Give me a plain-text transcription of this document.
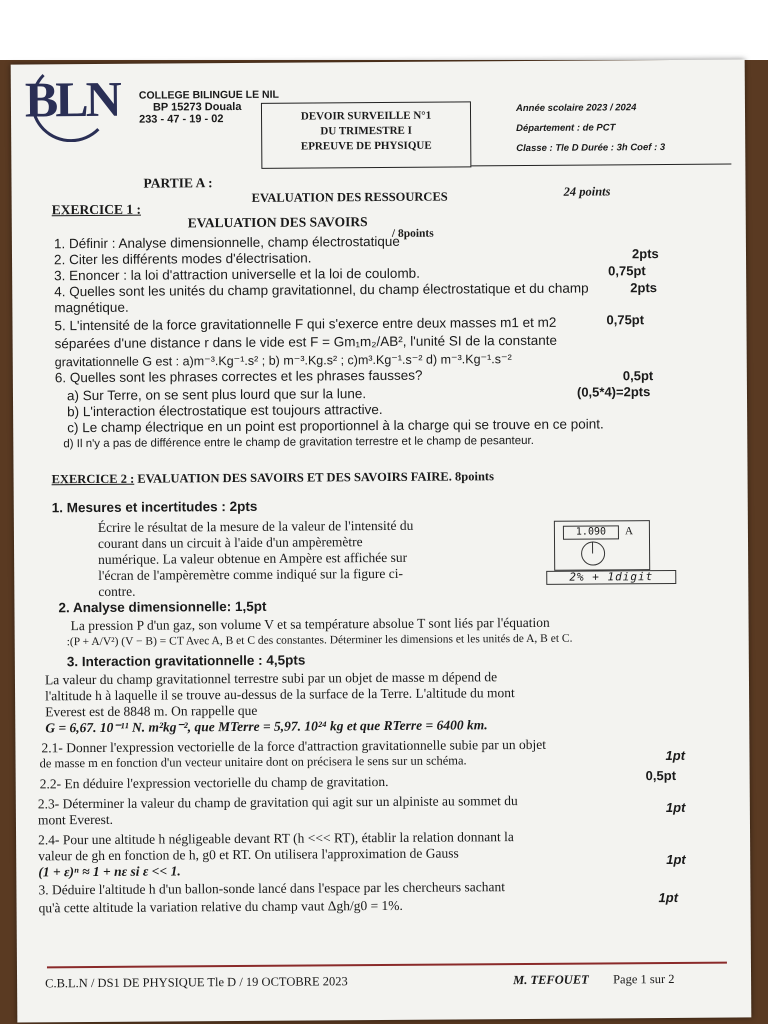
BLN	COLLEGE BILINGUE LE NIL
BP 15273 Douala
233 - 47 - 19 - 02	DEVOIR SURVEILLE N°1
DU TRIMESTRE I
EPREUVE DE PHYSIQUE
Année scolaire 2023 / 2024
Département : de PCT
Classe : Tle D Durée : 3h Coef : 3
PARTIE A :
EVALUATION DES RESSOURCES	24 points
EXERCICE 1 :
EVALUATION DES SAVOIRS
/ 8points
1. Définir : Analyse dimensionnelle, champ électrostatique
2pts
2. Citer les différents modes d'électrisation.
0,75pt
3. Enoncer : la loi d'attraction universelle et la loi de coulomb.
2pts
4. Quelles sont les unités du champ gravitationnel, du champ électrostatique et du champ
magnétique.
0,75pt
5. L'intensité de la force gravitationnelle F qui s'exerce entre deux masses m1 et m2
séparées d'une distance r dans le vide est F = Gm₁m₂/AB², l'unité SI de la constante
gravitationnelle G est : a)m⁻³.Kg⁻¹.s² ; b) m⁻³.Kg.s² ; c)m³.Kg⁻¹.s⁻² d) m⁻³.Kg⁻¹.s⁻²
0,5pt
6. Quelles sont les phrases correctes et les phrases fausses?
(0,5*4)=2pts
a) Sur Terre, on se sent plus lourd que sur la lune.
b) L'interaction électrostatique est toujours attractive.
c) Le champ électrique en un point est proportionnel à la charge qui se trouve en ce point.
d) Il n'y a pas de différence entre le champ de gravitation terrestre et le champ de pesanteur.
EXERCICE 2 : EVALUATION DES SAVOIRS ET DES SAVOIRS FAIRE. 8points
1. Mesures et incertitudes : 2pts
Écrire le résultat de la mesure de la valeur de l'intensité du
courant dans un circuit à l'aide d'un ampèremètre
numérique. La valeur obtenue en Ampère est affichée sur
l'écran de l'ampèremètre comme indiqué sur la figure ci-
contre.
1.090	A
2% + 1digit
2. Analyse dimensionnelle: 1,5pt
La pression P d'un gaz, son volume V et sa température absolue T sont liés par l'équation
:(P + A/V²) (V − B) = CT Avec A, B et C des constantes. Déterminer les dimensions et les unités de A, B et C.
3. Interaction gravitationnelle : 4,5pts
La valeur du champ gravitationnel terrestre subi par un objet de masse m dépend de
l'altitude h à laquelle il se trouve au-dessus de la surface de la Terre. L'altitude du mont
Everest est de 8848 m. On rappelle que
G = 6,67. 10⁻¹¹ N. m²kg⁻², que MTerre = 5,97. 10²⁴ kg et que RTerre = 6400 km.
2.1- Donner l'expression vectorielle de la force d'attraction gravitationnelle subie par un objet
de masse m en fonction d'un vecteur unitaire dont on précisera le sens sur un schéma.	1pt
2.2- En déduire l'expression vectorielle du champ de gravitation.	0,5pt
2.3- Déterminer la valeur du champ de gravitation qui agit sur un alpiniste au sommet du
mont Everest.
1pt
2.4- Pour une altitude h négligeable devant RT (h <<< RT), établir la relation donnant la
valeur de gh en fonction de h, g0 et RT. On utilisera l'approximation de Gauss
(1 + ε)ⁿ ≈ 1 + nε si ε << 1.
1pt
3. Déduire l'altitude h d'un ballon-sonde lancé dans l'espace par les chercheurs sachant
qu'à cette altitude la variation relative du champ vaut Δgh/g0 = 1%.
1pt
C.B.L.N / DS1 DE PHYSIQUE Tle D / 19 OCTOBRE 2023	M. TEFOUET Page 1 sur 2
